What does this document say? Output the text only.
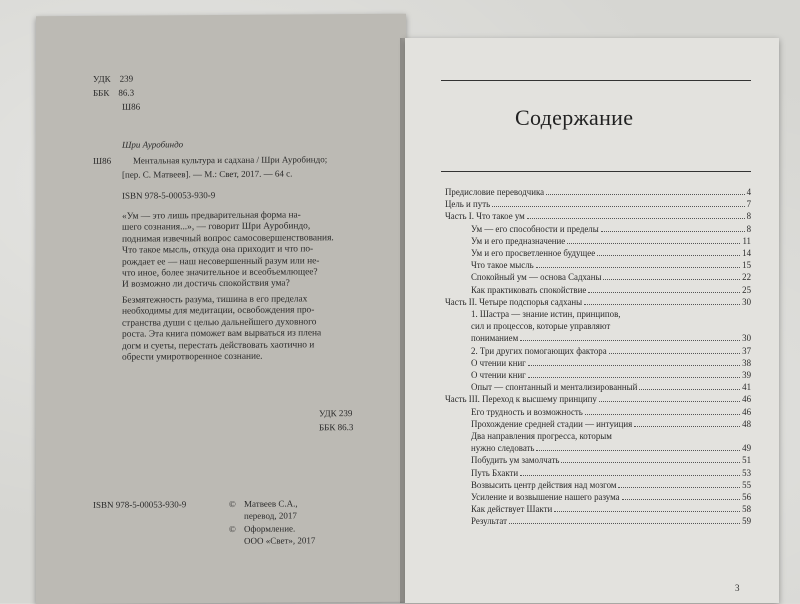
УДК 239
ББК 86.3
Ш86
Шри Ауробиндо
Ш86 Ментальная культура и садхана / Шри Ауробиндо;
[пер. С. Матвеев]. — М.: Свет, 2017. — 64 с.
ISBN 978-5-00053-930-9
«Ум — это лишь предварительная форма на-
шего сознания...», — говорит Шри Ауробиндо,
поднимая извечный вопрос самосовершенствования.
Что такое мысль, откуда она приходит и что по-
рождает ее — наш несовершенный разум или не-
что иное, более значительное и всеобъемлющее?
И возможно ли достичь спокойствия ума?
Безмятежность разума, тишина в его пределах
необходимы для медитации, освобождения про-
странства души с целью дальнейшего духовного
роста. Эта книга поможет вам вырваться из плена
догм и суеты, перестать действовать хаотично и
обрести умиротворенное сознание.
УДК 239
ББК 86.3
ISBN 978-5-00053-930-9	© Матвеев С.А.,
перевод, 2017
© Оформление.
ООО «Свет», 2017
Содержание
Предисловие переводчика	4
Цель и путь	7
Часть I. Что такое ум	8
Ум — его способности и пределы	8
Ум и его предназначение	11
Ум и его просветленное будущее	14
Что такое мысль	15
Спокойный ум — основа Садханы	22
Как практиковать спокойствие	25
Часть II. Четыре подспорья садханы	30
1. Шастра — знание истин, принципов,
сил и процессов, которые управляют
пониманием	30
2. Три других помогающих фактора	37
О чтении книг	38
О чтении книг	39
Опыт — спонтанный и ментализированный	41
Часть III. Переход к высшему принципу	46
Его трудность и возможность	46
Прохождение средней стадии — интуиция	48
Два направления прогресса, которым
нужно следовать	49
Побудить ум замолчать	51
Путь Бхакти	53
Возвысить центр действия над мозгом	55
Усиление и возвышение нашего разума	56
Как действует Шакти	58
Результат	59
3
